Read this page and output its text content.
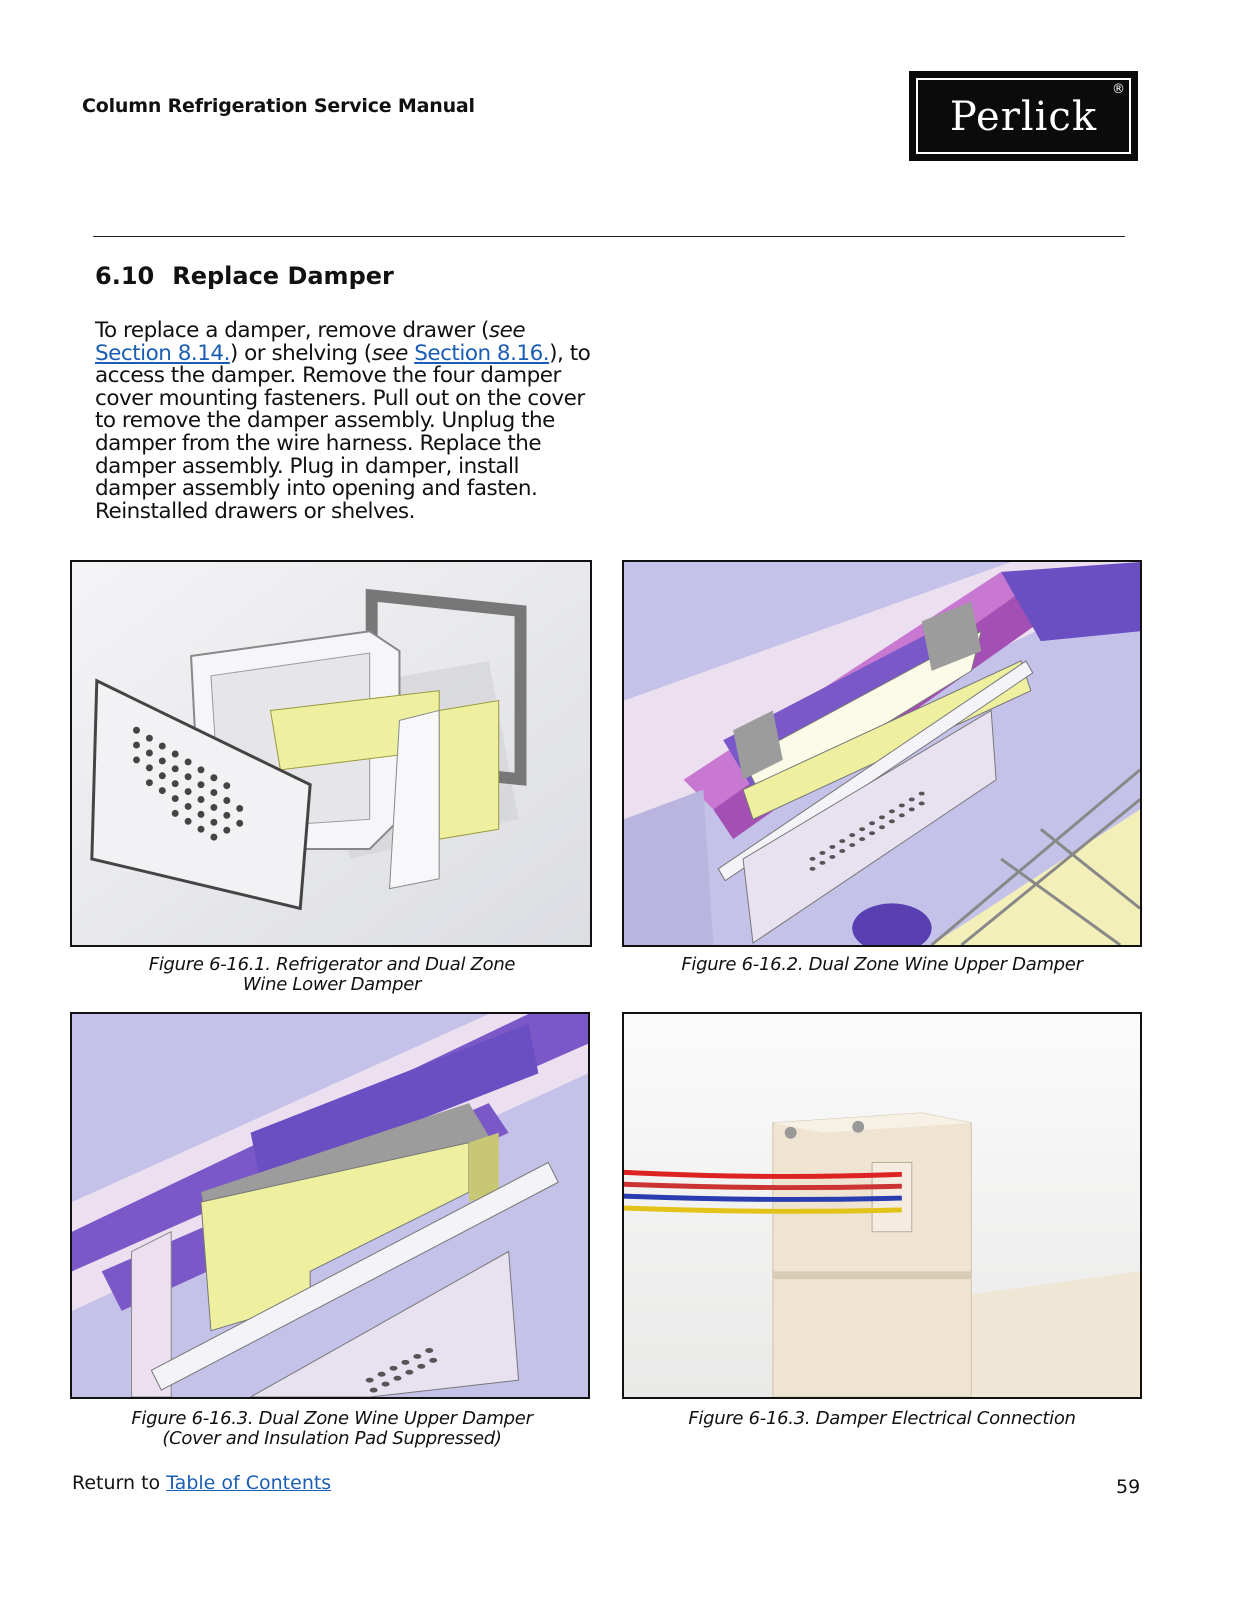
Column Refrigeration Service Manual	Perlick
®
6.10 Replace Damper
To replace a damper, remove drawer (see Section 8.14.) or shelving (see Section 8.16.), to access the damper. Remove the four damper cover mounting fasteners. Pull out on the cover to remove the damper assembly. Unplug the damper from the wire harness. Replace the damper assembly. Plug in damper, install damper assembly into opening and fasten. Reinstalled drawers or shelves.
Figure 6-16.1. Refrigerator and Dual Zone
Wine Lower Damper
Figure 6-16.2. Dual Zone Wine Upper Damper
Figure 6-16.3. Dual Zone Wine Upper Damper
(Cover and Insulation Pad Suppressed)
Figure 6-16.3. Damper Electrical Connection
Return to Table of Contents	59
